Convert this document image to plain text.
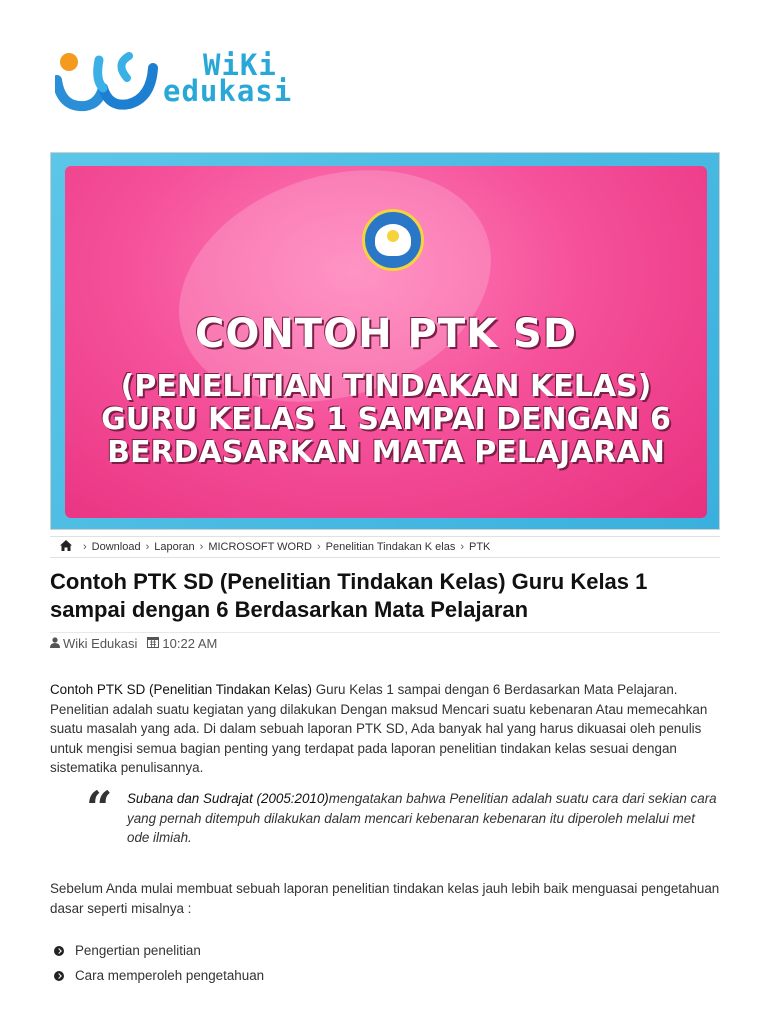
WiKi
edukasi
CONTOH PTK SD
(PENELITIAN TINDAKAN KELAS)
GURU KELAS 1 SAMPAI DENGAN 6
BERDASARKAN MATA PELAJARAN
› Download › Laporan › MICROSOFT WORD › Penelitian Tindakan K elas › PTK
Contoh PTK SD (Penelitian Tindakan Kelas) Guru Kelas 1 sampai dengan 6 Berdasarkan Mata Pelajaran
Wiki Edukasi 10:22 AM

Contoh PTK SD (Penelitian Tindakan Kelas) Guru Kelas 1 sampai dengan 6 Berdasarkan Mata Pelajaran. Penelitian adalah suatu kegiatan yang dilakukan Dengan maksud Mencari suatu kebenaran Atau memecahkan suatu masalah yang ada. Di dalam sebuah laporan PTK SD, Ada banyak hal yang harus dikuasai oleh penulis untuk mengisi semua bagian penting yang terdapat pada laporan penelitian tindakan kelas sesuai dengan sistematika penulisannya.

“ Subana dan Sudrajat (2005:2010)mengatakan bahwa Penelitian adalah suatu cara dari sekian cara yang pernah ditempuh dilakukan dalam mencari kebenaran kebenaran itu diperoleh melalui met ode ilmiah.

Sebelum Anda mulai membuat sebuah laporan penelitian tindakan kelas jauh lebih baik menguasai pengetahuan dasar seperti misalnya :

Pengertian penelitian
Cara memperoleh pengetahuan
